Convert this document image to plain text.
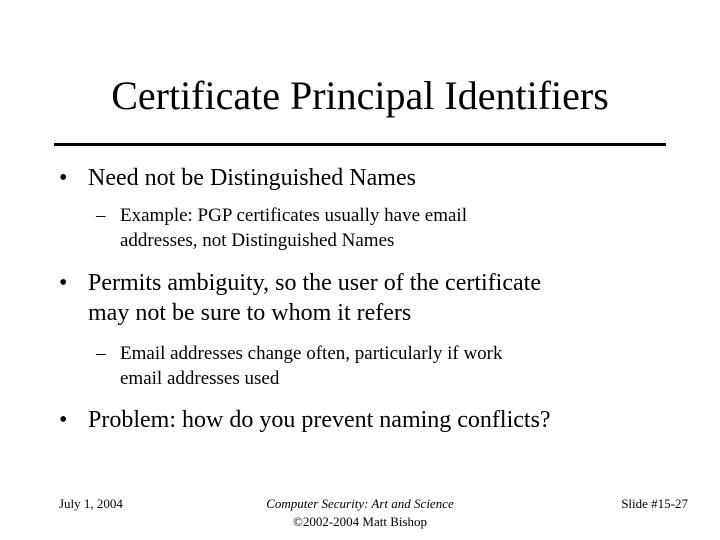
Certificate Principal Identifiers
• Need not be Distinguished Names
– Example: PGP certificates usually have email
addresses, not Distinguished Names
• Permits ambiguity, so the user of the certificate
may not be sure to whom it refers
– Email addresses change often, particularly if work
email addresses used
• Problem: how do you prevent naming conflicts?
July 1, 2004	Computer Security: Art and Science
©2002-2004 Matt Bishop
Slide #15-27
